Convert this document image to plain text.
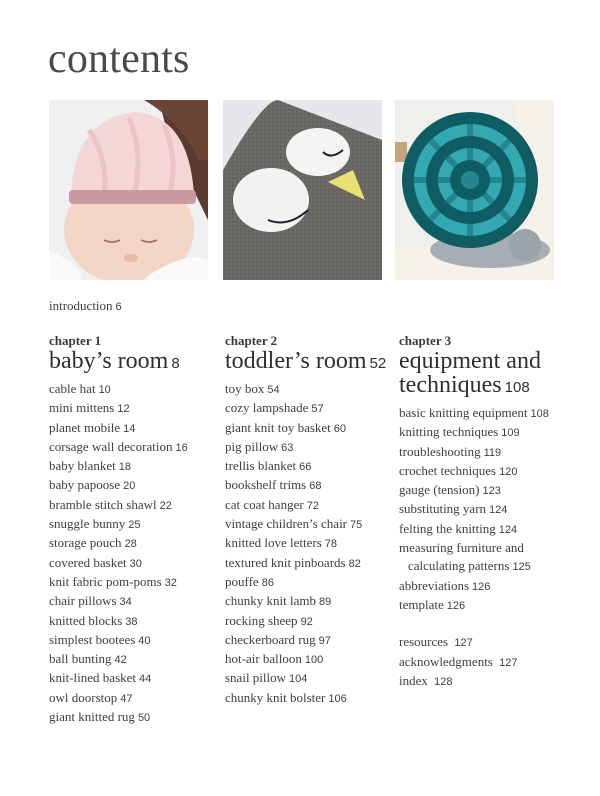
contents
introduction 6

chapter 1

baby’s room 8

cable hat 10
mini mittens 12
planet mobile 14
corsage wall decoration 16
baby blanket 18
baby papoose 20
bramble stitch shawl 22
snuggle bunny 25
storage pouch 28
covered basket 30
knit fabric pom-poms 32
chair pillows 34
knitted blocks 38
simplest bootees 40
ball bunting 42
knit-lined basket 44
owl doorstop 47
giant knitted rug 50

chapter 2

toddler’s room 52

toy box 54
cozy lampshade 57
giant knit toy basket 60
pig pillow 63
trellis blanket 66
bookshelf trims 68
cat coat hanger 72
vintage children’s chair 75
knitted love letters 78
textured knit pinboards 82
pouffe 86
chunky knit lamb 89
rocking sheep 92
checkerboard rug 97
hot-air balloon 100
snail pillow 104
chunky knit bolster 106

chapter 3

equipment and
techniques 108

basic knitting equipment 108
knitting techniques 109
troubleshooting 119
crochet techniques 120
gauge (tension) 123
substituting yarn 124
felting the knitting 124
measuring furniture and
calculating patterns 125
abbreviations 126
template 126
resources 127
acknowledgments 127
index 128
